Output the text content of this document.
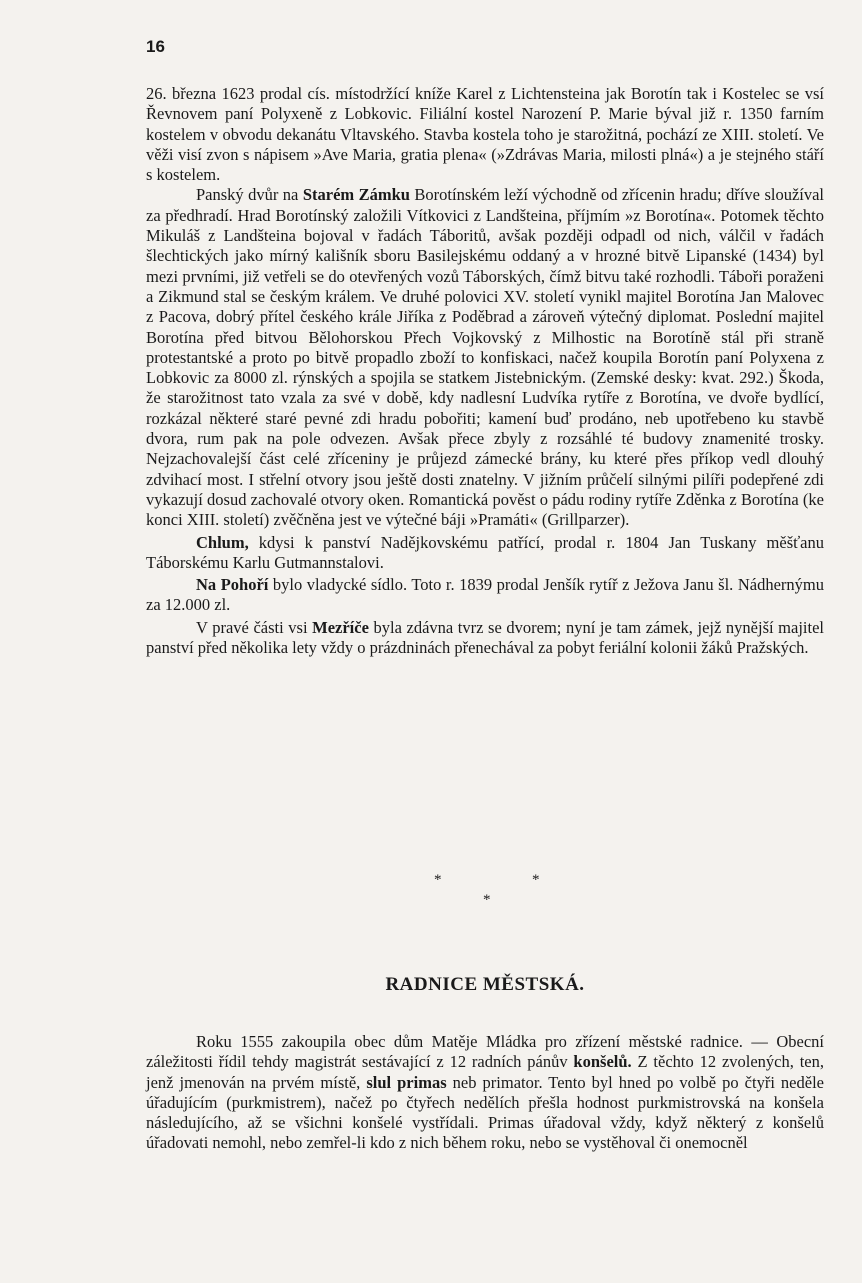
16

26. března 1623 prodal cís. místodržící kníže Karel z Lichtensteina jak Borotín tak i Kostelec se vsí Řevnovem paní Polyxeně z Lobkovic. Filiální kostel Narození P. Marie býval již r. 1350 farním kostelem v obvodu dekanátu Vltavského. Stavba kostela toho je starožitná, pochází ze XIII. století. Ve věži visí zvon s nápisem »Ave Maria, gratia plena« (»Zdrávas Maria, milosti plná«) a je stejného stáří s kostelem.

Panský dvůr na Starém Zámku Borotínském leží východně od zřícenin hradu; dříve sloužíval za předhradí. Hrad Borotínský založili Vítkovici z Landšteina, příjmím »z Borotína«. Potomek těchto Mikuláš z Landšteina bojoval v řadách Táboritů, avšak později odpadl od nich, válčil v řadách šlechtických jako mírný kališník sboru Basilejskému oddaný a v hrozné bitvě Lipanské (1434) byl mezi prvními, již vetřeli se do otevřených vozů Táborských, čímž bitvu také rozhodli. Táboři poraženi a Zikmund stal se českým králem. Ve druhé polovici XV. století vynikl majitel Borotína Jan Malovec z Pacova, dobrý přítel českého krále Jiříka z Poděbrad a zároveň výtečný diplomat. Poslední majitel Borotína před bitvou Bělohorskou Přech Vojkovský z Milhostic na Borotíně stál při straně protestantské a proto po bitvě propadlo zboží to konfiskaci, načež koupila Borotín paní Polyxena z Lobkovic za 8000 zl. rýnských a spojila se statkem Jistebnickým. (Zemské desky: kvat. 292.) Škoda, že starožitnost tato vzala za své v době, kdy nadlesní Ludvíka rytíře z Borotína, ve dvoře bydlící, rozkázal některé staré pevné zdi hradu pobořiti; kamení buď prodáno, neb upotřebeno ku stavbě dvora, rum pak na pole odvezen. Avšak přece zbyly z rozsáhlé té budovy znamenité trosky. Nejzachovalejší část celé zříceniny je průjezd zámecké brány, ku které přes příkop vedl dlouhý zdvihací most. I střelní otvory jsou ještě dosti znatelny. V jižním průčelí silnými pilíři podepřené zdi vykazují dosud zachovalé otvory oken. Romantická pověst o pádu rodiny rytíře Zděnka z Borotína (ke konci XIII. století) zvěčněna jest ve výtečné báji »Pramáti« (Grillparzer).

Chlum, kdysi k panství Nadějkovskému patřící, prodal r. 1804 Jan Tuskany měšťanu Táborskému Karlu Gutmannstalovi.

Na Pohoří bylo vladycké sídlo. Toto r. 1839 prodal Jenšík rytíř z Ježova Janu šl. Nádhernýmu za 12.000 zl.

V pravé části vsi Mezříče byla zdávna tvrz se dvorem; nyní je tam zámek, jejž nynější majitel panství před několika lety vždy o prázdninách přenechával za pobyt feriální kolonii žáků Pražských.

*	*
*
RADNICE MĚSTSKÁ.

Roku 1555 zakoupila obec dům Matěje Mládka pro zřízení městské radnice. — Obecní záležitosti řídil tehdy magistrát sestávající z 12 radních pánův konšelů. Z těchto 12 zvolených, ten, jenž jmenován na prvém místě, slul primas neb primator. Tento byl hned po volbě po čtyři neděle úřadujícím (purkmistrem), načež po čtyřech nedělích přešla hodnost purkmistrovská na konšela následujícího, až se všichni konšelé vystřídali. Primas úřadoval vždy, když některý z konšelů úřadovati nemohl, nebo zemřel-li kdo z nich během roku, nebo se vystěhoval či onemocněl
